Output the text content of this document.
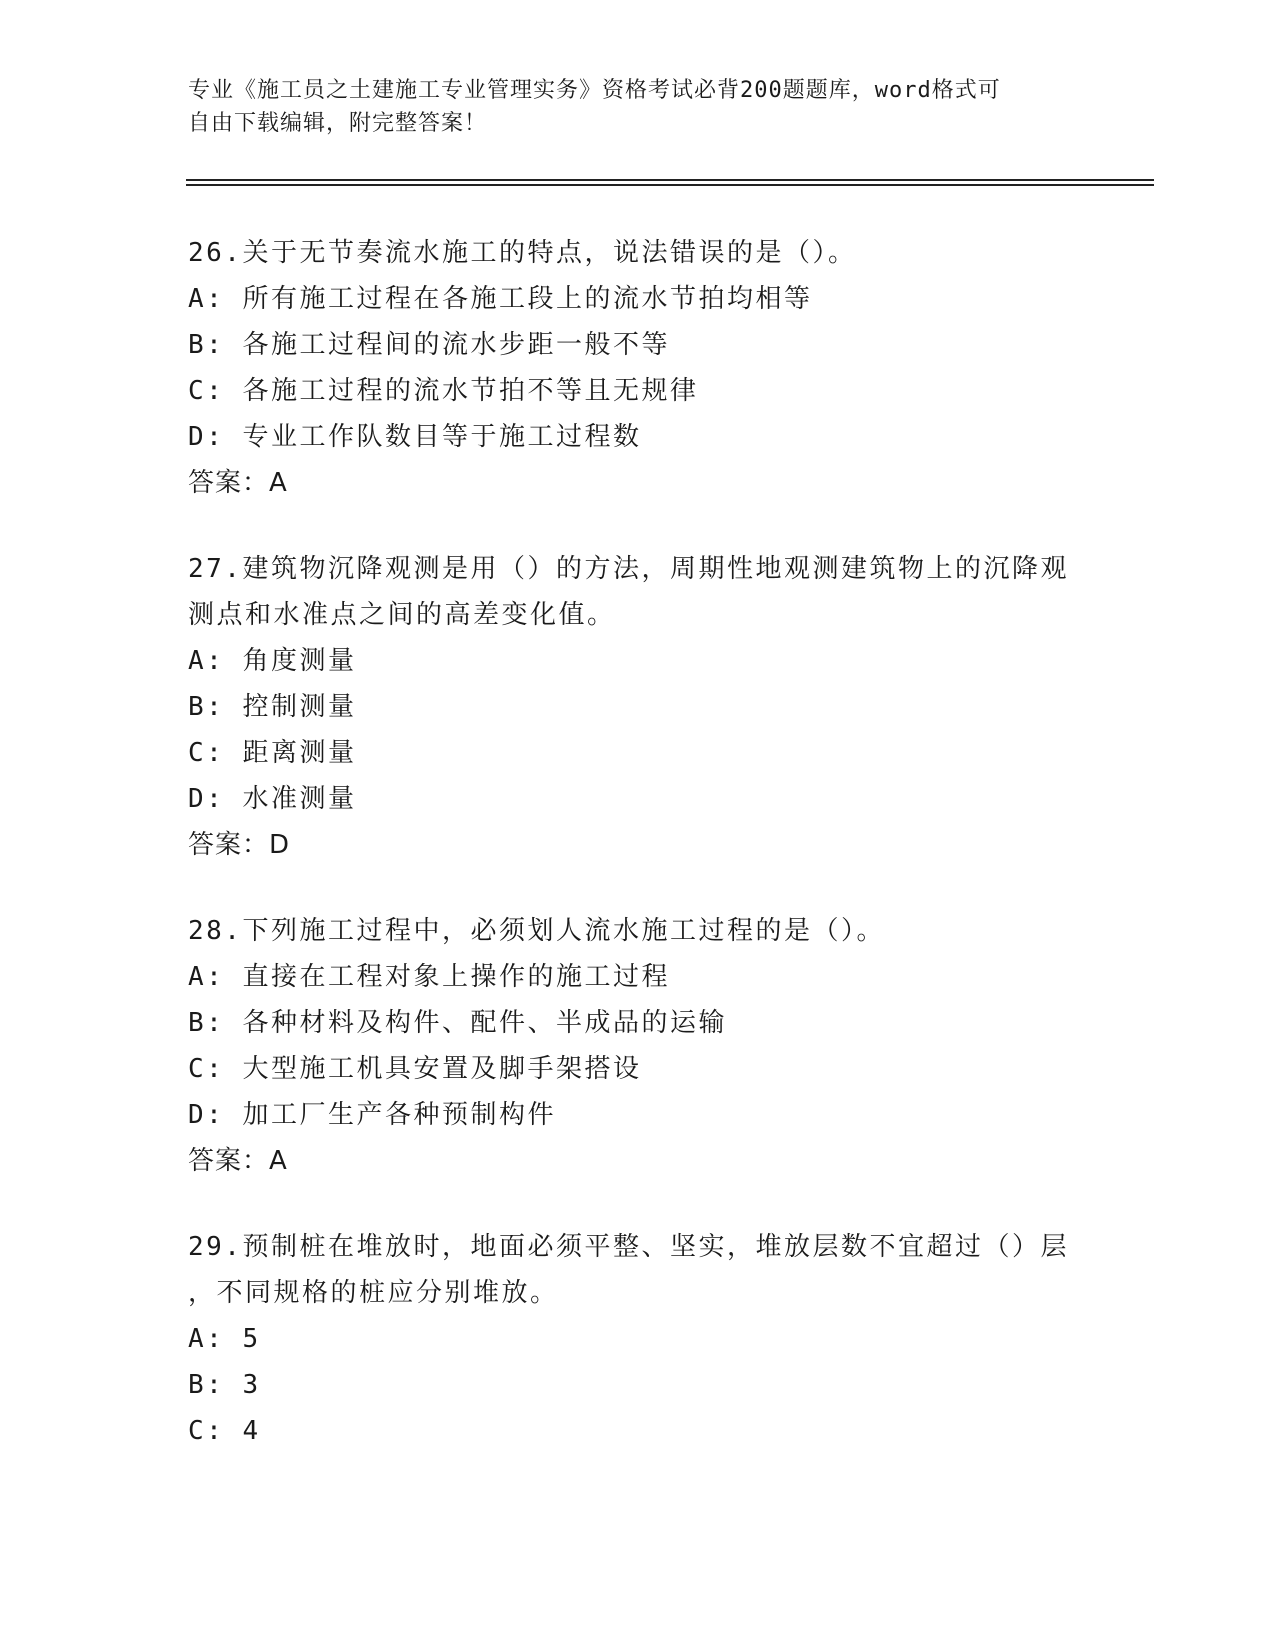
专业《施工员之土建施工专业管理实务》资格考试必背200题题库，word格式可
自由下载编辑，附完整答案！
26.关于无节奏流水施工的特点，说法错误的是（）。
A: 所有施工过程在各施工段上的流水节拍均相等
B: 各施工过程间的流水步距一般不等
C: 各施工过程的流水节拍不等且无规律
D: 专业工作队数目等于施工过程数
答案：A
27.建筑物沉降观测是用（）的方法，周期性地观测建筑物上的沉降观
测点和水准点之间的高差变化值。
A: 角度测量
B: 控制测量
C: 距离测量
D: 水准测量
答案：D
28.下列施工过程中，必须划人流水施工过程的是（）。
A: 直接在工程对象上操作的施工过程
B: 各种材料及构件、配件、半成品的运输
C: 大型施工机具安置及脚手架搭设
D: 加工厂生产各种预制构件
答案：A
29.预制桩在堆放时，地面必须平整、坚实，堆放层数不宜超过（）层
，不同规格的桩应分别堆放。
A: 5
B: 3
C: 4
